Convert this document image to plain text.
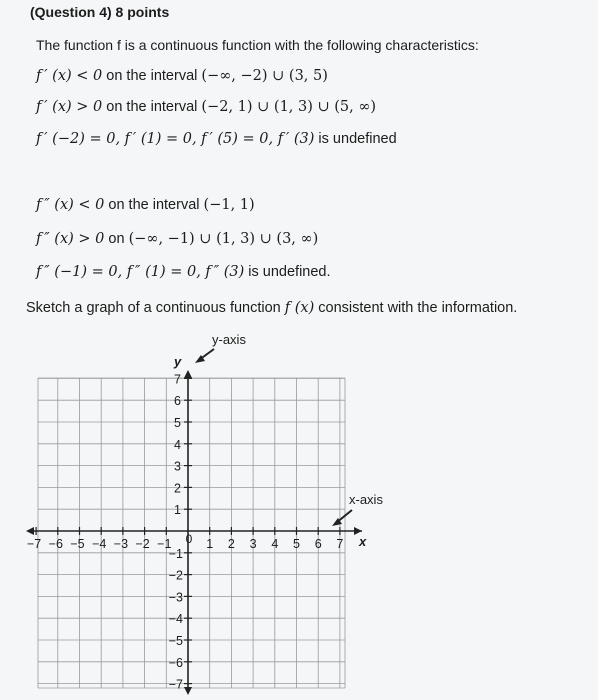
(Question 4) 8 points
The function f is a continuous function with the following characteristics:
f ′ (x) < 0 on the interval (−∞, −2) ∪ (3, 5)
f ′ (x) > 0 on the interval (−2, 1) ∪ (1, 3) ∪ (5, ∞)
f ′ (−2) = 0, f ′ (1) = 0, f ′ (5) = 0, f ′ (3) is undefined
f ″ (x) < 0 on the interval (−1, 1)
f ″ (x) > 0 on (−∞, −1) ∪ (1, 3) ∪ (3, ∞)
f ″ (−1) = 0, f ″ (1) = 0, f ″ (3) is undefined.
Sketch a graph of a continuous function f (x) consistent with the information.
−7 −6 −5 −4 −3 −2 −1	1 2 3 4 5 6 7
1
2
3
4
5
6
7
−1
−2
−3
−4
−5
−6
−7
0
y
x
y-axis
x-axis
